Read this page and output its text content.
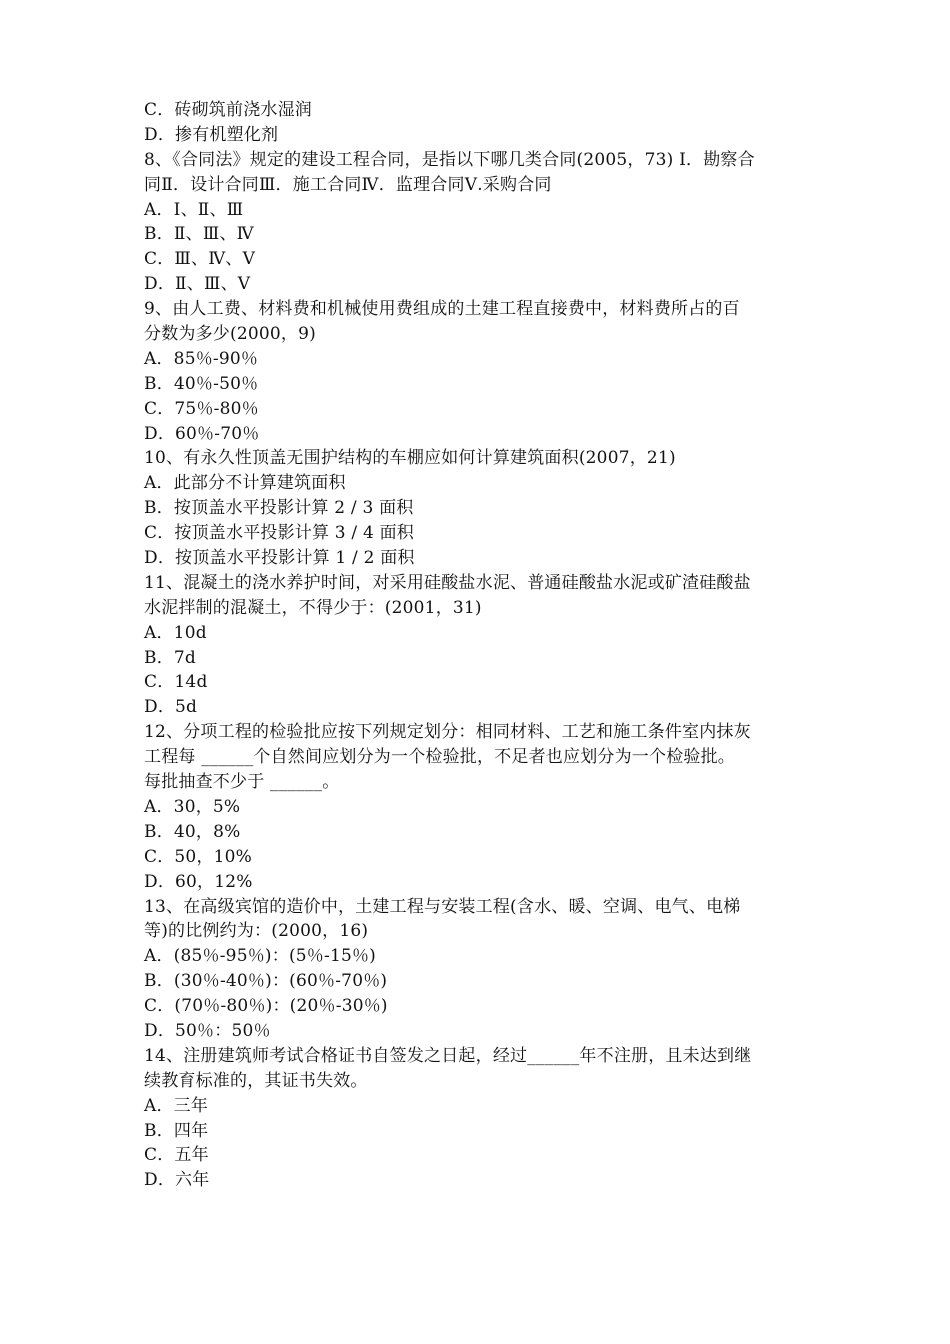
C．砖砌筑前浇水湿润
D．掺有机塑化剂
8、《合同法》规定的建设工程合同，是指以下哪几类合同(2005，73) Ⅰ．勘察合
同Ⅱ．设计合同Ⅲ．施工合同Ⅳ．监理合同Ⅴ.采购合同
A．Ⅰ、Ⅱ、Ⅲ
B．Ⅱ、Ⅲ、Ⅳ
C．Ⅲ、Ⅳ、Ⅴ
D．Ⅱ、Ⅲ、Ⅴ
9、由人工费、材料费和机械使用费组成的土建工程直接费中，材料费所占的百
分数为多少(2000，9)
A．85％-90％
B．40％-50％
C．75％-80％
D．60％-70％
10、有永久性顶盖无围护结构的车棚应如何计算建筑面积(2007，21)
A．此部分不计算建筑面积
B．按顶盖水平投影计算 2 / 3 面积
C．按顶盖水平投影计算 3 / 4 面积
D．按顶盖水平投影计算 1 / 2 面积
11、混凝土的浇水养护时间，对采用硅酸盐水泥、普通硅酸盐水泥或矿渣硅酸盐
水泥拌制的混凝土，不得少于：(2001，31)
A．10d
B．7d
C．14d
D．5d
12、分项工程的检验批应按下列规定划分：相同材料、工艺和施工条件室内抹灰
工程每 ______个自然间应划分为一个检验批，不足者也应划分为一个检验批。
每批抽查不少于 ______。
A．30，5%
B．40，8%
C．50，10%
D．60，12%
13、在高级宾馆的造价中，土建工程与安装工程(含水、暖、空调、电气、电梯
等)的比例约为：(2000，16)
A．(85％-95％)：(5％-15％)
B．(30％-40％)：(60％-70％)
C．(70％-80％)：(20％-30％)
D．50％：50％
14、注册建筑师考试合格证书自签发之日起，经过______年不注册，且未达到继
续教育标准的，其证书失效。
A．三年
B．四年
C．五年
D．六年
